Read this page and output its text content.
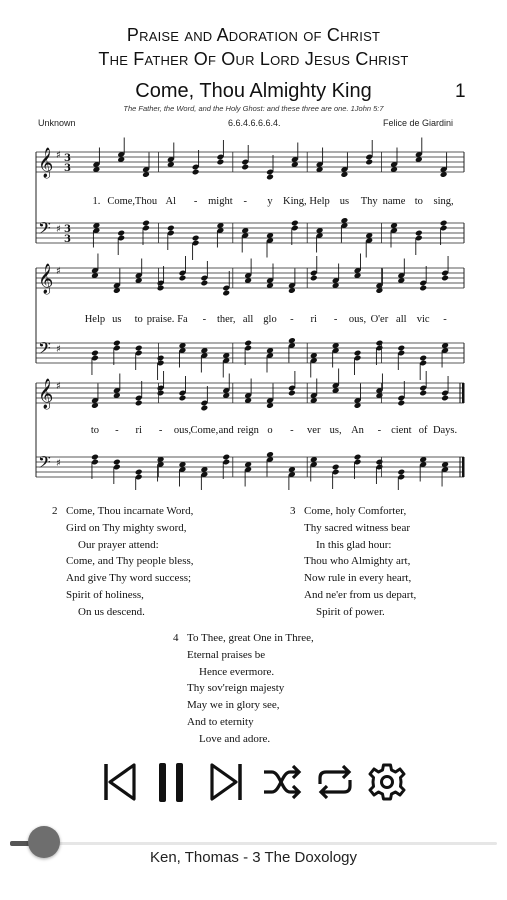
Praise and Adoration of Christ
The Father Of Our Lord Jesus Christ
Come, Thou Almighty King	1
The Father, the Word, and the Holy Ghost: and these three are one. 1John 5:7
Unknown	6.6.4.6.6.6.4.	Felice de Giardini
𝄞 ♯ 3
3
𝄢 ♯ 3
3
1. Come, Thou Al - might - y King, Help us Thy name to sing,
𝄞 ♯
𝄢 ♯
Help us to praise. Fa - ther, all glo - ri - ous, O'er all vic -
𝄞 ♯
𝄢 ♯
to - ri - ous, Come, and reign o - ver us, An - cient of Days.
2 Come, Thou incarnate Word,
Gird on Thy mighty sword,
Our prayer attend:
Come, and Thy people bless,
And give Thy word success;
Spirit of holiness,
On us descend.
3 Come, holy Comforter,
Thy sacred witness bear
In this glad hour:
Thou who Almighty art,
Now rule in every heart,
And ne'er from us depart,
Spirit of power.
4 To Thee, great One in Three,
Eternal praises be
Hence evermore.
Thy sov'reign majesty
May we in glory see,
And to eternity
Love and adore.
Ken, Thomas - 3 The Doxology
